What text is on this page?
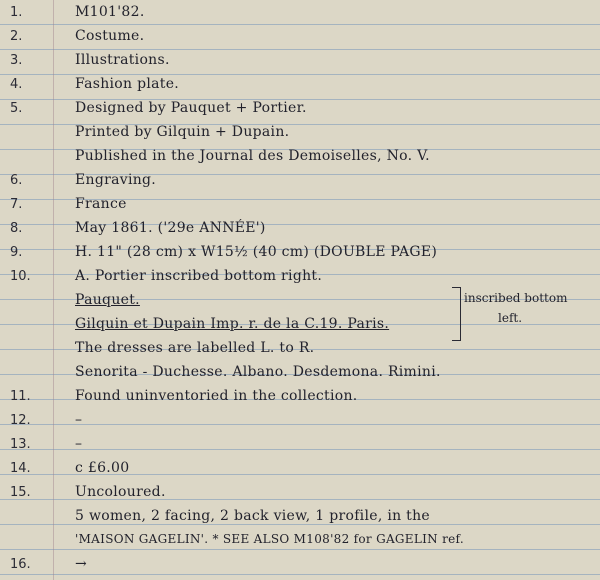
1.	M101'82.
2.	Costume.
3.	Illustrations.
4.	Fashion plate.
5.	Designed by Pauquet + Portier.
Printed by Gilquin + Dupain.
Published in the Journal des Demoiselles, No. V.
6.	Engraving.
7.	France
8.	May 1861. ('29e ANNÉE')
9.	H. 11" (28 cm) x W15½ (40 cm) (DOUBLE PAGE)
10.	A. Portier inscribed bottom right.
Pauquet.
Gilquin et Dupain Imp. r. de la C.19. Paris.
The dresses are labelled L. to R.
Senorita - Duchesse. Albano. Desdemona. Rimini.
11.	Found uninventoried in the collection.
12.	–
13.	–
14.	c £6.00
15.	Uncoloured.
5 women, 2 facing, 2 back view, 1 profile, in the
'MAISON GAGELIN'. * SEE ALSO M108'82 for GAGELIN ref.
16.	→
inscribed bottom
left.
